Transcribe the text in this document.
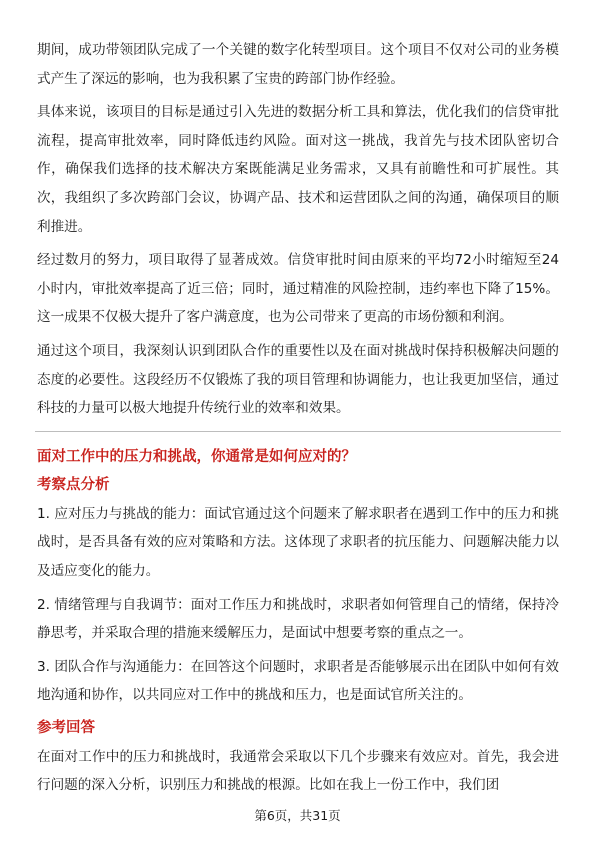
期间，成功带领团队完成了一个关键的数字化转型项目。这个项目不仅对公司的业务模式产生了深远的影响，也为我积累了宝贵的跨部门协作经验。

具体来说，该项目的目标是通过引入先进的数据分析工具和算法，优化我们的信贷审批流程，提高审批效率，同时降低违约风险。面对这一挑战，我首先与技术团队密切合作，确保我们选择的技术解决方案既能满足业务需求，又具有前瞻性和可扩展性。其次，我组织了多次跨部门会议，协调产品、技术和运营团队之间的沟通，确保项目的顺利推进。

经过数月的努力，项目取得了显著成效。信贷审批时间由原来的平均72小时缩短至24小时内，审批效率提高了近三倍；同时，通过精准的风险控制，违约率也下降了15%。这一成果不仅极大提升了客户满意度，也为公司带来了更高的市场份额和利润。

通过这个项目，我深刻认识到团队合作的重要性以及在面对挑战时保持积极解决问题的态度的必要性。这段经历不仅锻炼了我的项目管理和协调能力，也让我更加坚信，通过科技的力量可以极大地提升传统行业的效率和效果。

面对工作中的压力和挑战，你通常是如何应对的？
考察点分析

1. 应对压力与挑战的能力：面试官通过这个问题来了解求职者在遇到工作中的压力和挑战时，是否具备有效的应对策略和方法。这体现了求职者的抗压能力、问题解决能力以及适应变化的能力。

2. 情绪管理与自我调节：面对工作压力和挑战时，求职者如何管理自己的情绪，保持冷静思考，并采取合理的措施来缓解压力，是面试中想要考察的重点之一。

3. 团队合作与沟通能力：在回答这个问题时，求职者是否能够展示出在团队中如何有效地沟通和协作，以共同应对工作中的挑战和压力，也是面试官所关注的。

参考回答

在面对工作中的压力和挑战时，我通常会采取以下几个步骤来有效应对。首先，我会进行问题的深入分析，识别压力和挑战的根源。比如在我上一份工作中，我们团

第6页，共31页
